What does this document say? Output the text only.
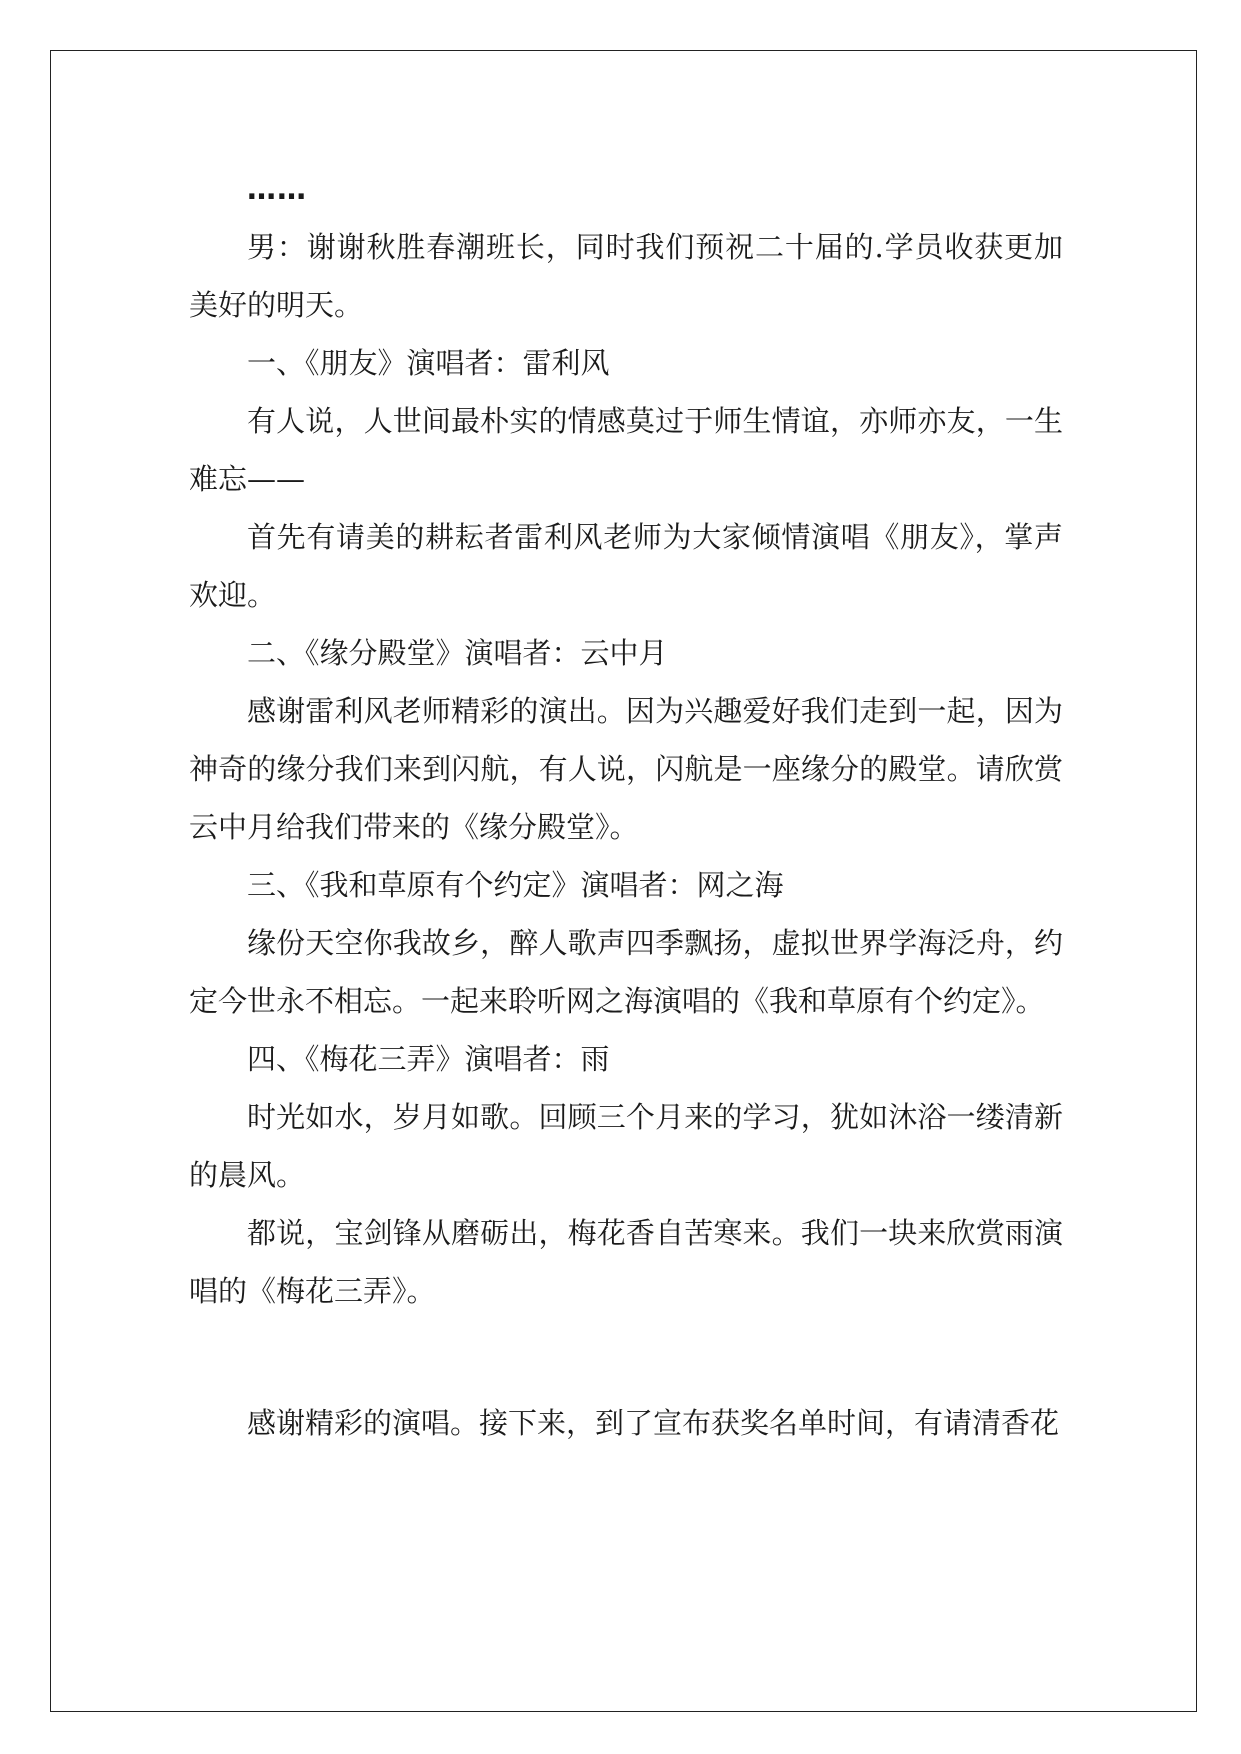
……

男：谢谢秋胜春潮班长，同时我们预祝二十届的.学员收获更加美好的明天。

一、《朋友》演唱者：雷利风

有人说，人世间最朴实的情感莫过于师生情谊，亦师亦友，一生难忘——

首先有请美的耕耘者雷利风老师为大家倾情演唱《朋友》，掌声欢迎。

二、《缘分殿堂》演唱者：云中月

感谢雷利风老师精彩的演出。因为兴趣爱好我们走到一起，因为神奇的缘分我们来到闪航，有人说，闪航是一座缘分的殿堂。请欣赏云中月给我们带来的《缘分殿堂》。

三、《我和草原有个约定》演唱者：网之海

缘份天空你我故乡，醉人歌声四季飘扬，虚拟世界学海泛舟，约定今世永不相忘。一起来聆听网之海演唱的《我和草原有个约定》。

四、《梅花三弄》演唱者：雨

时光如水，岁月如歌。回顾三个月来的学习，犹如沐浴一缕清新的晨风。

都说，宝剑锋从磨砺出，梅花香自苦寒来。我们一块来欣赏雨演唱的《梅花三弄》。

感谢精彩的演唱。接下来，到了宣布获奖名单时间，有请清香花
